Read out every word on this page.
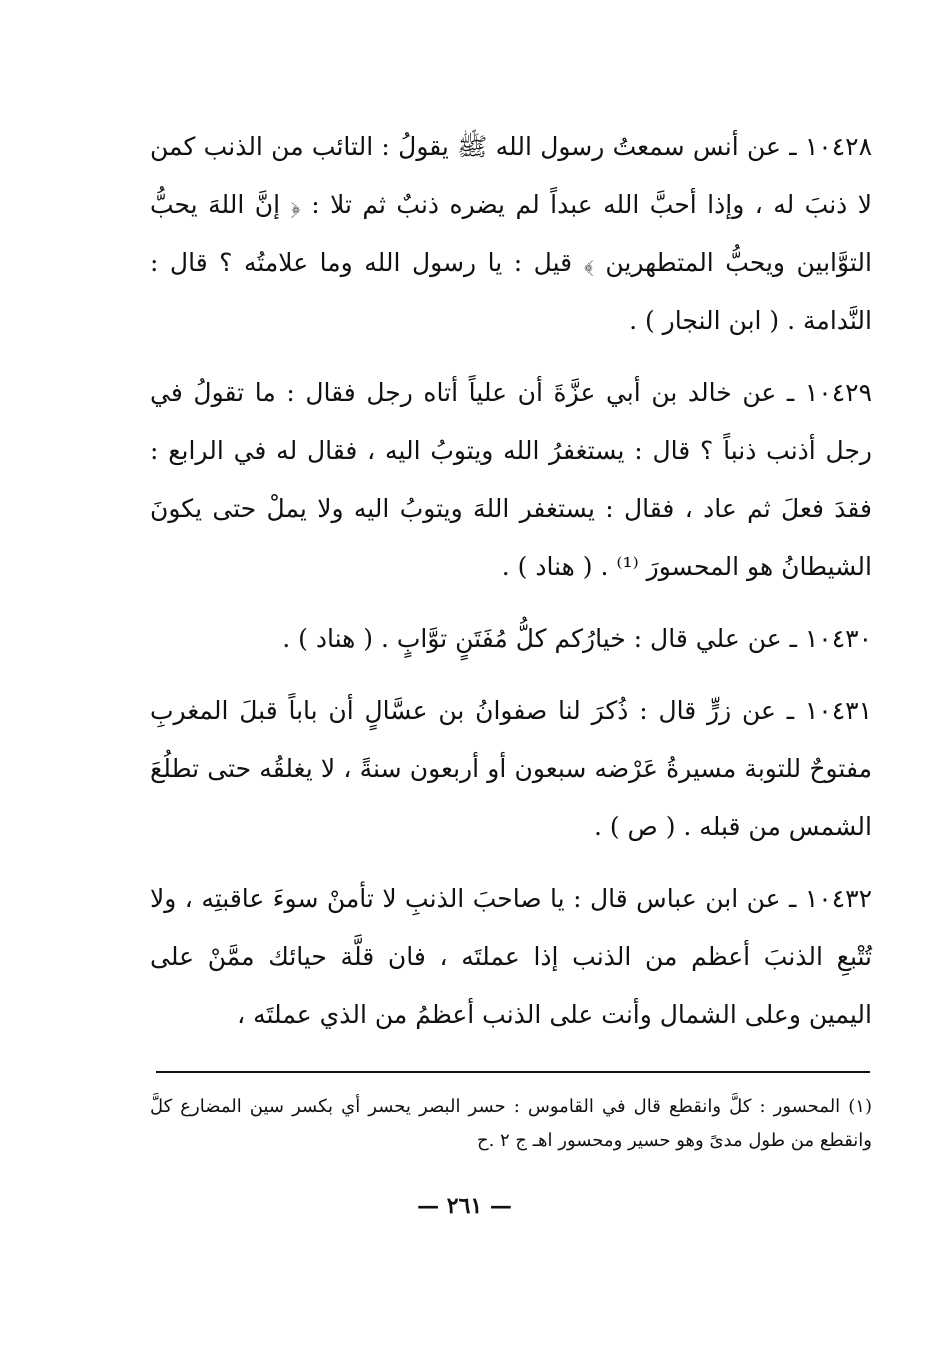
١٠٤٢٨ ـ عن أنس سمعتُ رسول الله ﷺ يقولُ : التائب من الذنب كمن لا ذنبَ له ، وإذا أحبَّ الله عبداً لم يضره ذنبٌ ثم تلا : ﴿ إنَّ اللهَ يحبُّ التوَّابين ويحبُّ المتطهرين ﴾ قيل : يا رسول الله وما علامتُه ؟ قال : النَّدامة . ( ابن النجار ) .

١٠٤٢٩ ـ عن خالد بن أبي عزَّةَ أن علياً أتاه رجل فقال : ما تقولُ في رجل أذنب ذنباً ؟ قال : يستغفرُ الله ويتوبُ اليه ، فقال له في الرابع : فقدَ فعلَ ثم عاد ، فقال : يستغفر اللهَ ويتوبُ اليه ولا يملْ حتى يكونَ الشيطانُ هو المحسورَ ⁽¹⁾ . ( هناد ) .

١٠٤٣٠ ـ عن علي قال : خيارُكم كلُّ مُفَتَنٍ توَّابٍ . ( هناد ) .

١٠٤٣١ ـ عن زرٍّ قال : ذُكرَ لنا صفوانُ بن عسَّالٍ أن باباً قبلَ المغربِ مفتوحٌ للتوبة مسيرةُ عَرْضه سبعون أو أربعون سنةً ، لا يغلقُه حتى تطلُعَ الشمس من قبله . ( ص ) .

١٠٤٣٢ ـ عن ابن عباس قال : يا صاحبَ الذنبِ لا تأمنْ سوءَ عاقبتِه ، ولا تُتْبعِ الذنبَ أعظم من الذنب إذا عملتَه ، فان قلَّة حيائك ممَّنْ على اليمين وعلى الشمال وأنت على الذنب أعظمُ من الذي عملتَه ،

(١) المحسور : كلَّ وانقطع قال في القاموس : حسر البصر يحسر أي بكسر سين المضارع كلَّ وانقطع من طول مدىً وهو حسير ومحسور اهـ ج ٢ .ح
— ٢٦١ —
